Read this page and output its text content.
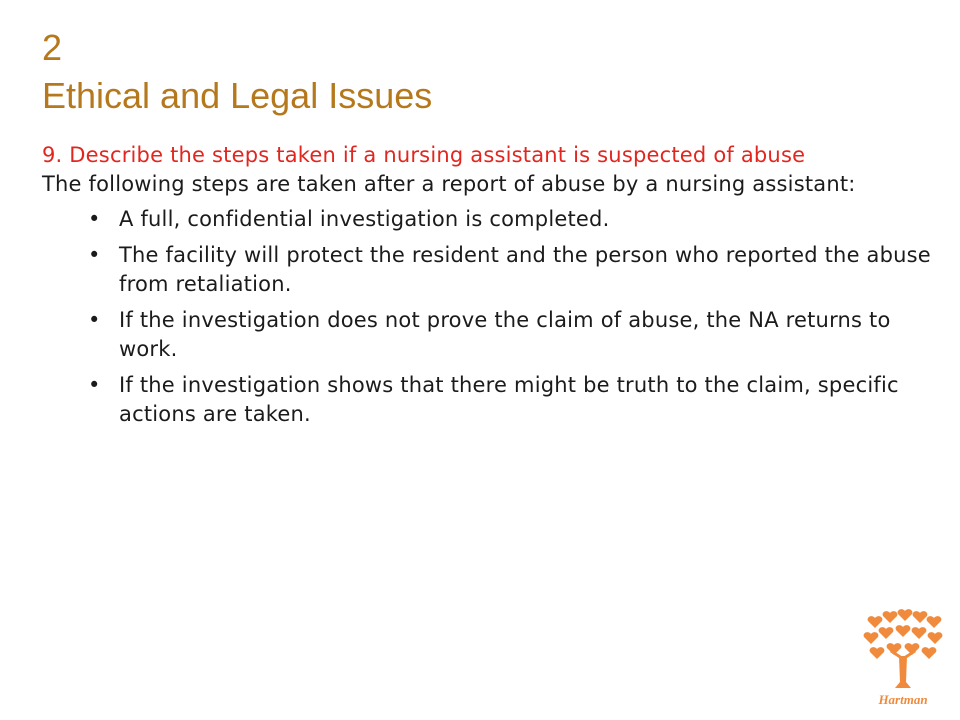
2
Ethical and Legal Issues

9. Describe the steps taken if a nursing assistant is suspected of abuse

The following steps are taken after a report of abuse by a nursing assistant:

• A full, confidential investigation is completed.
• The facility will protect the resident and the person who reported the abuse from retaliation.
• If the investigation does not prove the claim of abuse, the NA returns to work.
• If the investigation shows that there might be truth to the claim, specific actions are taken.
Hartman
